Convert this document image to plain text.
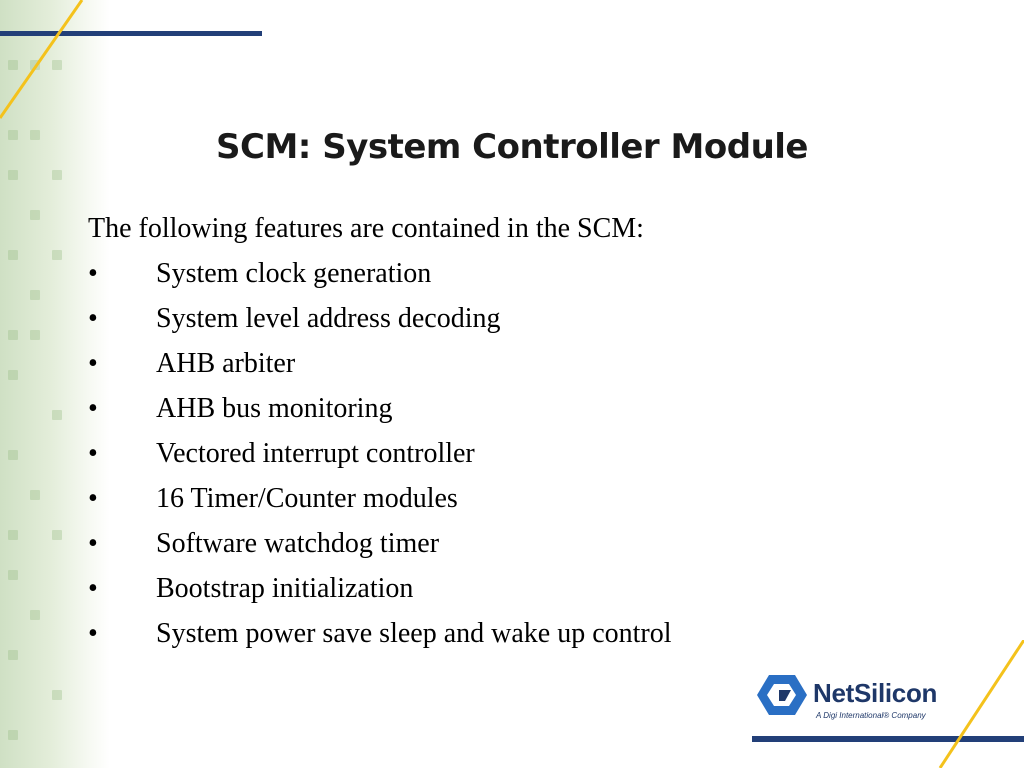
SCM: System Controller Module

The following features are contained in the SCM:

•	System clock generation
•	System level address decoding
•	AHB arbiter
•	AHB bus monitoring
•	Vectored interrupt controller
•	16 Timer/Counter modules
•	Software watchdog timer
•	Bootstrap initialization
•	System power save sleep and wake up control
NetSilicon
A Digi International® Company
